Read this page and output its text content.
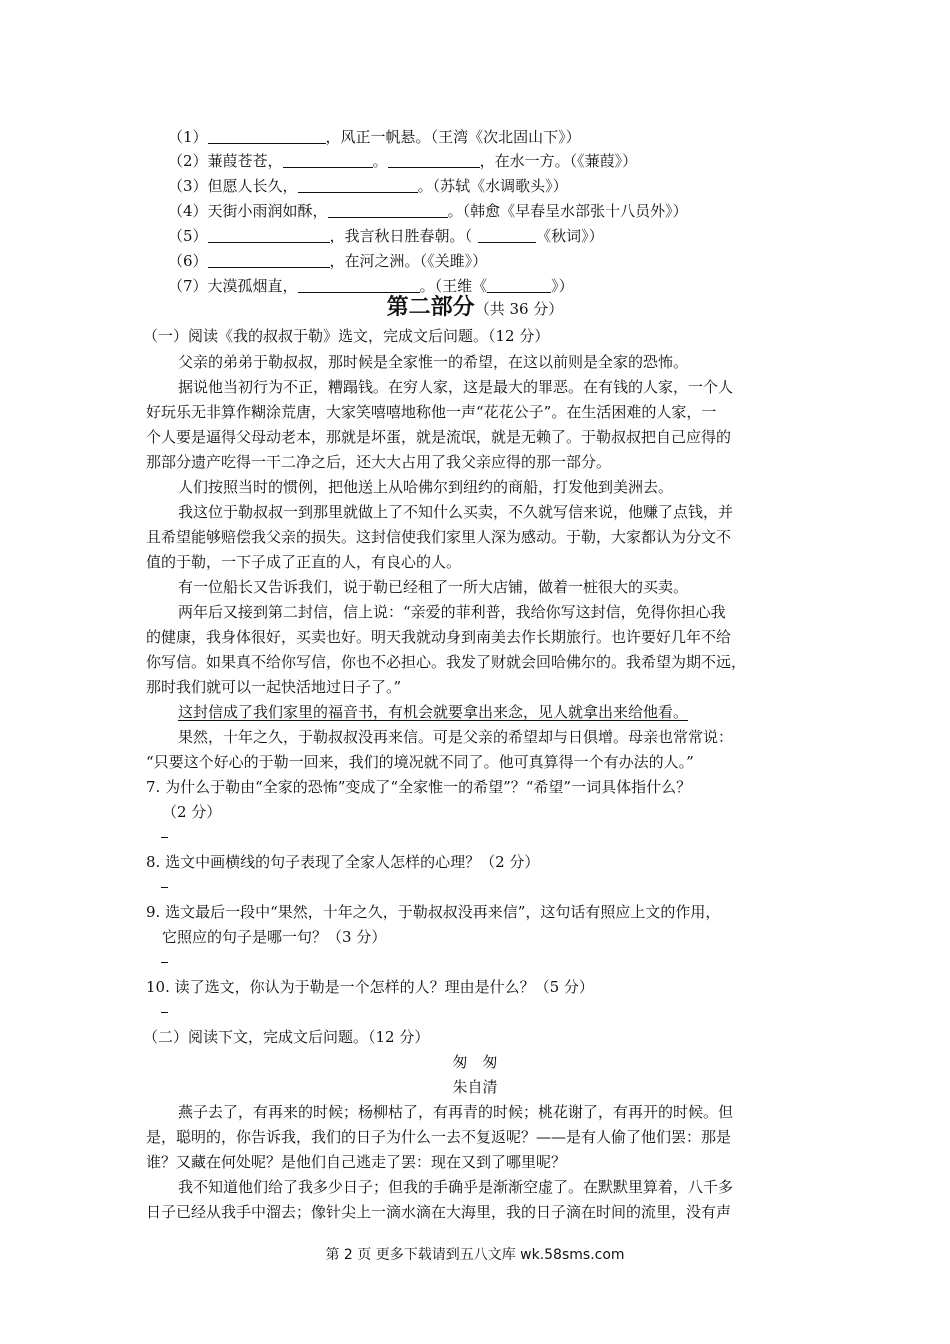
（1）	，风正一帆悬。（王湾《次北固山下》）
（2）蒹葭苍苍，	。	，在水一方。（《蒹葭》）
（3）但愿人长久，	。（苏轼《水调歌头》）
（4）天街小雨润如酥，	。（韩愈《早春呈水部张十八员外》）
（5）	，我言秋日胜春朝。（	《秋词》）
（6）	，在河之洲。（《关雎》）
（7）大漠孤烟直，	。（王维《	》）
第二部分（共 36 分）
（一）阅读《我的叔叔于勒》选文，完成文后问题。（12 分）
父亲的弟弟于勒叔叔，那时候是全家惟一的希望，在这以前则是全家的恐怖。
据说他当初行为不正，糟蹋钱。在穷人家，这是最大的罪恶。在有钱的人家，一个人
好玩乐无非算作糊涂荒唐，大家笑嘻嘻地称他一声“花花公子”。在生活困难的人家，一
个人要是逼得父母动老本，那就是坏蛋，就是流氓，就是无赖了。于勒叔叔把自己应得的
那部分遗产吃得一干二净之后，还大大占用了我父亲应得的那一部分。
人们按照当时的惯例，把他送上从哈佛尔到纽约的商船，打发他到美洲去。
我这位于勒叔叔一到那里就做上了不知什么买卖，不久就写信来说，他赚了点钱，并
且希望能够赔偿我父亲的损失。这封信使我们家里人深为感动。于勒，大家都认为分文不
值的于勒，一下子成了正直的人，有良心的人。
有一位船长又告诉我们，说于勒已经租了一所大店铺，做着一桩很大的买卖。
两年后又接到第二封信，信上说：“亲爱的菲利普，我给你写这封信，免得你担心我
的健康，我身体很好，买卖也好。明天我就动身到南美去作长期旅行。也许要好几年不给
你写信。如果真不给你写信，你也不必担心。我发了财就会回哈佛尔的。我希望为期不远，
那时我们就可以一起快活地过日子了。”
这封信成了我们家里的福音书，有机会就要拿出来念，见人就拿出来给他看。
果然，十年之久，于勒叔叔没再来信。可是父亲的希望却与日俱增。母亲也常常说：
“只要这个好心的于勒一回来，我们的境况就不同了。他可真算得一个有办法的人。”
7. 为什么于勒由“全家的恐怖”变成了“全家惟一的希望”？“希望”一词具体指什么？
（2 分）
8. 选文中画横线的句子表现了全家人怎样的心理？（2 分）
9. 选文最后一段中“果然，十年之久，于勒叔叔没再来信”，这句话有照应上文的作用，
它照应的句子是哪一句？（3 分）
10. 读了选文，你认为于勒是一个怎样的人？理由是什么？（5 分）
（二）阅读下文，完成文后问题。（12 分）
匆　匆
朱自清
燕子去了，有再来的时候；杨柳枯了，有再青的时候；桃花谢了，有再开的时候。但
是，聪明的，你告诉我，我们的日子为什么一去不复返呢？——是有人偷了他们罢：那是
谁？又藏在何处呢？是他们自己逃走了罢：现在又到了哪里呢？
我不知道他们给了我多少日子；但我的手确乎是渐渐空虚了。在默默里算着，八千多
日子已经从我手中溜去；像针尖上一滴水滴在大海里，我的日子滴在时间的流里，没有声
第 2 页 更多下载请到五八文库 wk.58sms.com
